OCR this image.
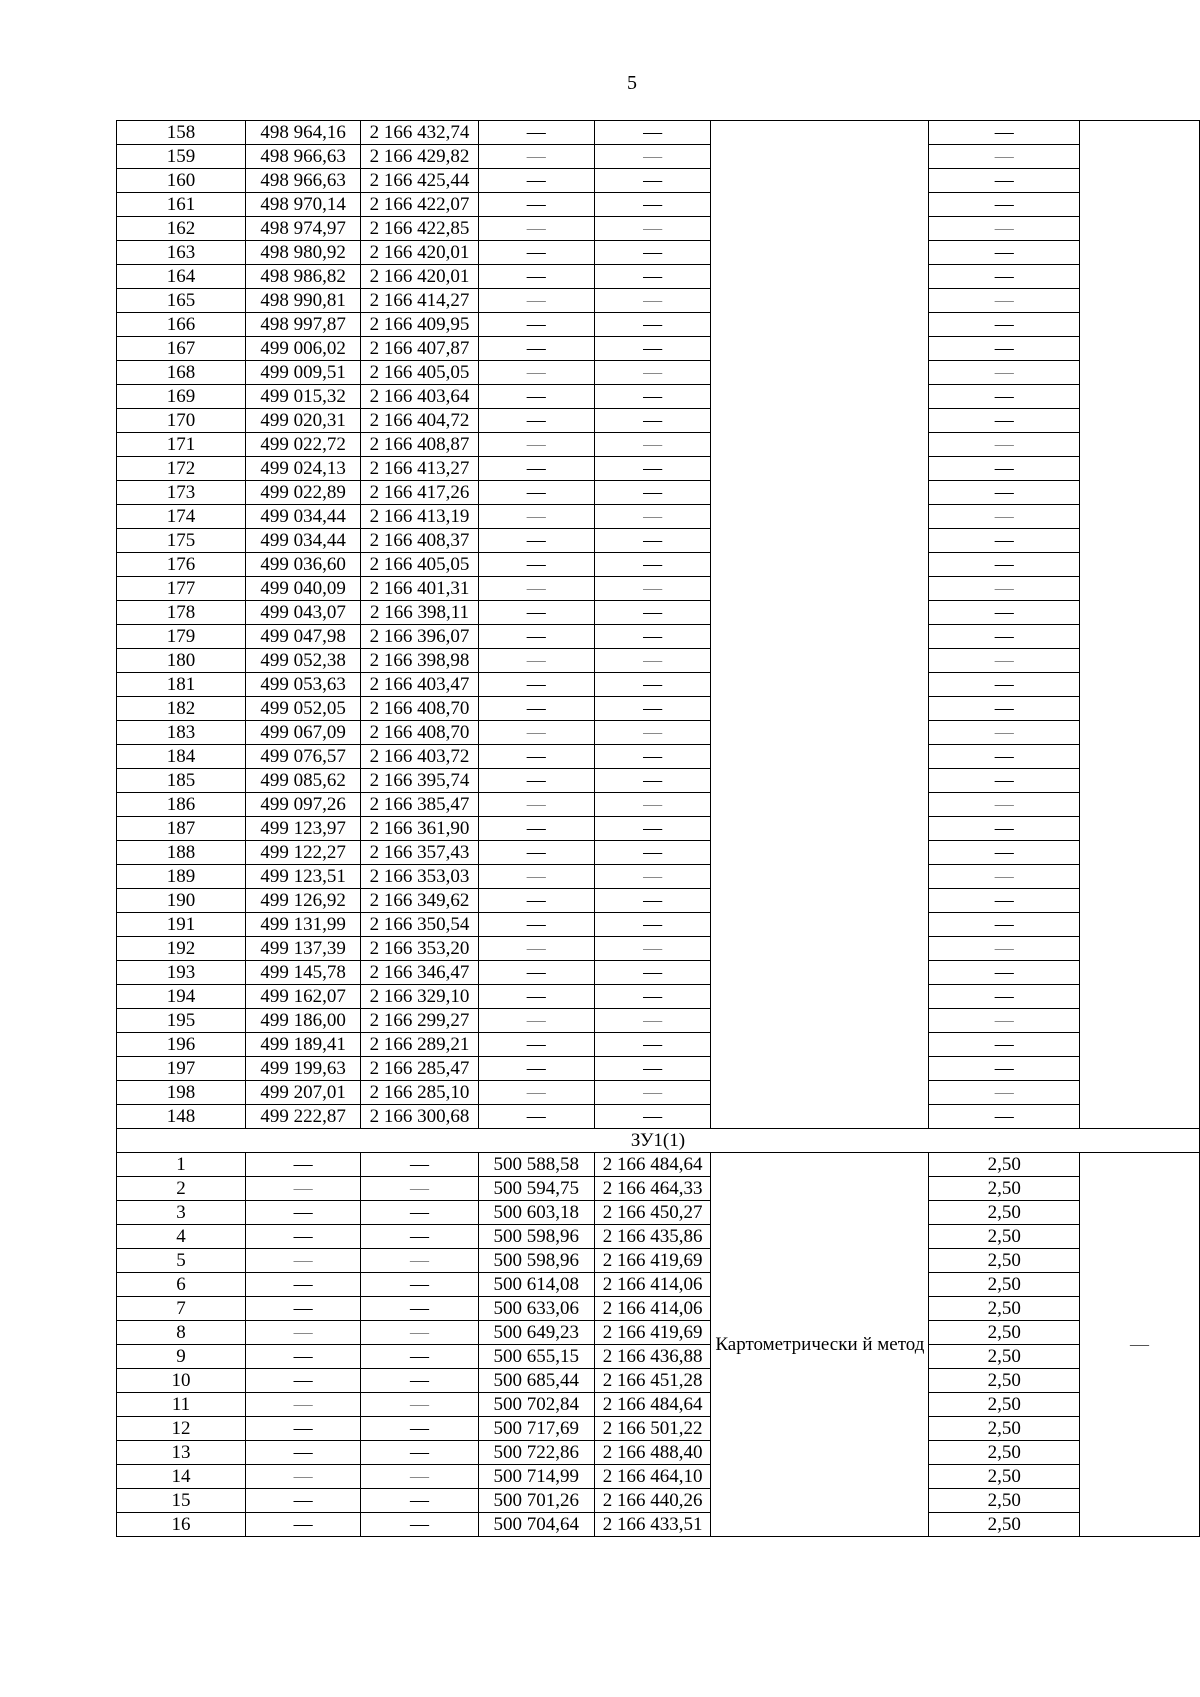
5
158	498 964,16	2 166 432,74	—	—		—	
159	498 966,63	2 166 429,82	—	—		—	
160	498 966,63	2 166 425,44	—	—		—	
161	498 970,14	2 166 422,07	—	—		—	
162	498 974,97	2 166 422,85	—	—		—	
163	498 980,92	2 166 420,01	—	—		—	
164	498 986,82	2 166 420,01	—	—		—	
165	498 990,81	2 166 414,27	—	—		—	
166	498 997,87	2 166 409,95	—	—		—	
167	499 006,02	2 166 407,87	—	—		—	
168	499 009,51	2 166 405,05	—	—		—	
169	499 015,32	2 166 403,64	—	—		—	
170	499 020,31	2 166 404,72	—	—		—	
171	499 022,72	2 166 408,87	—	—		—	
172	499 024,13	2 166 413,27	—	—		—	
173	499 022,89	2 166 417,26	—	—		—	
174	499 034,44	2 166 413,19	—	—		—	
175	499 034,44	2 166 408,37	—	—		—	
176	499 036,60	2 166 405,05	—	—		—	
177	499 040,09	2 166 401,31	—	—		—	
178	499 043,07	2 166 398,11	—	—		—	
179	499 047,98	2 166 396,07	—	—		—	
180	499 052,38	2 166 398,98	—	—		—	
181	499 053,63	2 166 403,47	—	—		—	
182	499 052,05	2 166 408,70	—	—		—	
183	499 067,09	2 166 408,70	—	—		—	
184	499 076,57	2 166 403,72	—	—		—	
185	499 085,62	2 166 395,74	—	—		—	
186	499 097,26	2 166 385,47	—	—		—	
187	499 123,97	2 166 361,90	—	—		—	
188	499 122,27	2 166 357,43	—	—		—	
189	499 123,51	2 166 353,03	—	—		—	
190	499 126,92	2 166 349,62	—	—		—	
191	499 131,99	2 166 350,54	—	—		—	
192	499 137,39	2 166 353,20	—	—		—	
193	499 145,78	2 166 346,47	—	—		—	
194	499 162,07	2 166 329,10	—	—		—	
195	499 186,00	2 166 299,27	—	—		—	
196	499 189,41	2 166 289,21	—	—		—	
197	499 199,63	2 166 285,47	—	—		—	
198	499 207,01	2 166 285,10	—	—		—	
148	499 222,87	2 166 300,68	—	—		—	
ЗУ1(1)							
1	—	—	500 588,58	2 166 484,64	Картометрически й метод	2,50	—
2	—	—	500 594,75	2 166 464,33		2,50	
3	—	—	500 603,18	2 166 450,27		2,50	
4	—	—	500 598,96	2 166 435,86		2,50	
5	—	—	500 598,96	2 166 419,69		2,50	
6	—	—	500 614,08	2 166 414,06		2,50	
7	—	—	500 633,06	2 166 414,06		2,50	
8	—	—	500 649,23	2 166 419,69		2,50	
9	—	—	500 655,15	2 166 436,88		2,50	
10	—	—	500 685,44	2 166 451,28		2,50	
11	—	—	500 702,84	2 166 484,64		2,50	
12	—	—	500 717,69	2 166 501,22		2,50	
13	—	—	500 722,86	2 166 488,40		2,50	
14	—	—	500 714,99	2 166 464,10		2,50	
15	—	—	500 701,26	2 166 440,26		2,50	
16	—	—	500 704,64	2 166 433,51		2,50	
